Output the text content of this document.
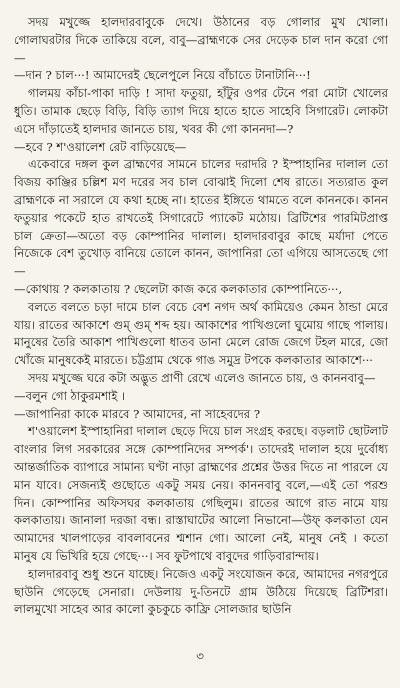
সদয় মখুজ্জে হালদারবাবুকে দেখে। উঠানের বড় গোলার মুখ খোলা। গোলাঘরটার দিকে তাকিয়ে বলে, বাবু—ব্রাহ্মণকে সের দেড়েক চাল দান করো গো—

—দান ? চাল···! আমাদেরই ছেলেপুলে নিয়ে বাঁচাতে টানাটানি···!

গালময় কাঁচা-পাকা দাড়ি ! সাদা ফতুয়া, হাঁটুর ওপর টেনে পরা মোটা খোলের ধুতি। তামাক ছেড়ে বিড়ি, বিড়ি ত্যাগ দিয়ে হাতে হাতে সাহেবি সিগারেট। লোকটা এসে দাঁড়াতেই হালদার জানতে চায়, খবর কী গো কাননদা—?

—হবে ? শ'ওয়ালেশ রেট বাড়িয়েছে—

একেবারে দঙ্গল কুল ব্রাহ্মণের সামনে চালের দরাদরি ? ইস্পাহানির দালাল তো বিজয় কাঞ্জির চল্লিশ মণ দরের সব চাল বোঝাই দিলো শেষ রাতে। সত্যরাত কুল ব্রাহ্মণকে না সরালে যে কথা হচ্ছে না। হাতের ইঙ্গিতে থামতে বলে কাননকে। কানন ফতুয়ার পকেটে হাত রাখতেই সিগারেটে প্যাকেট মঠোয়। ব্রিটিশের পারমিটপ্রাপ্ত চাল ক্রেতা—অতো বড় কোম্পানির দালাল। হালদারবাবুর কাছে মর্যাদা পেতে নিজেকে বেশ তুখোড় বানিয়ে তোলে কানন, জাপানিরা তো এগিয়ে আসতেছে গো—

—কোথায় ? কলকাতায় ? ছেলেটা কাজ করে কলকাতার কোম্পানিতে···,

বলতে বলতে চড়া দামে চাল বেচে বেশ নগদ অর্থ কামিয়েও কেমন ঠান্ডা মেরে যায়। রাতের আকাশে গুম্‌ গুম্‌ শব্দ হয়। আকাশের পাখিগুলো ঘুমোয় গাছে পালায়। মানুষের তৈরি আকাশ পাখিগুলো ধাতব ডানা মেলে রোজ জেগে টহল মারে, জো খোঁজে মানুষকেই মারতে। চট্টগ্রাম থেকে গাঙ সমুদ্র টপকে কলকাতার আকাশে···

সদয় মখুজ্জে ঘরে কটা অদ্ভুত প্রাণী রেখে এলেও জানতে চায়, ও কাননবাবু—

—বলুন গো ঠাকুরমশাই ।

—জাপানিরা কাকে মারবে ? আমাদের, না সাহেবদের ?

শ'ওয়ালেশ ইস্পাহানিরা দালাল ছেড়ে দিয়ে চাল সংগ্রহ করছে। বড়লাট ছোটলাট বাংলার লিগ সরকারের সঙ্গে কোম্পানিদের সম্পর্ক'। তাদেরই দালাল হয়ে দুর্বোধ্য আন্তর্জাতিক ব্যাপারে সামান্য ঘণ্টা নাড়া ব্রাহ্মণের প্রশ্নের উত্তর দিতে না পারলে যে মান যাবে। সেজন্যই গুছোতে একটু সময় নেয়। কাননবাবু বলে,—এই তো পরশু দিন। কোম্পানির অফিসঘর কলকাতায় গেছিলুম। রাতের আগে রাত নামে যায় কলকাতায়। জানালা দরজা বন্ধ। রাস্তাঘাটের আলো নিভানো—উফ্‌ কলকাতা যেন আমাদের খালপাড়ের বাবলাবনের শ্মশান গো। আলো নেই, মানুষ নেই । কতো মানুষ যে ভিখিরি হয়ে গেছে···। সব ফুটপাথে বাবুদের গাড়িবারান্দায়।

হালদারবাবু শুধু শুনে যাচ্ছে। নিজেও একটু সংযোজন করে, আমাদের নগরপুরে ছাউনি গেড়েছে সেনারা। দেউলায় দু-তিনটে গ্রাম উঠিয়ে দিয়েছে ব্রিটিশরা। লালমুখো সাহেব আর কালো কুচকুচে কাফ্রি সোলজার ছাউনি

৩
